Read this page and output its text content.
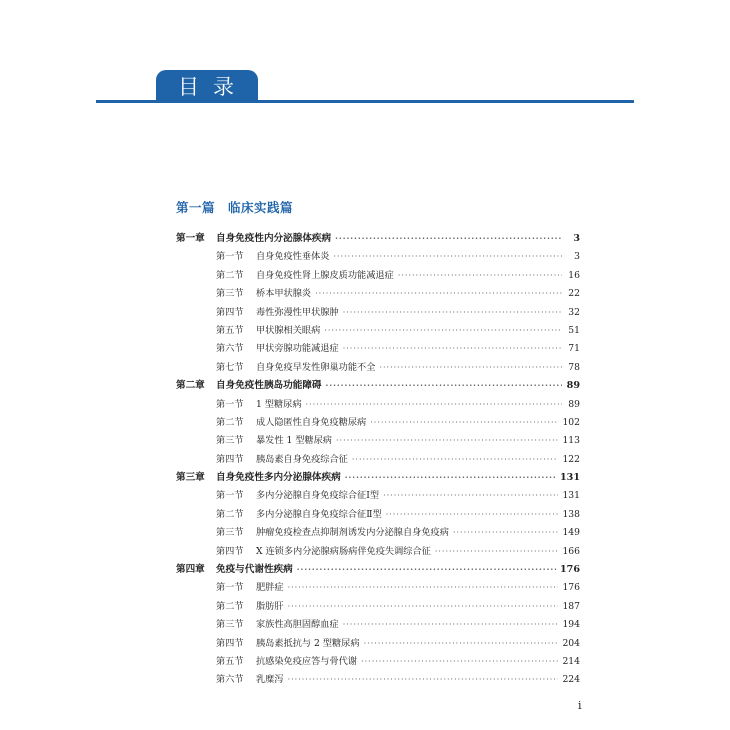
目录
第一篇　临床实践篇
第一章	自身免疫性内分泌腺体疾病 ·····	3
第一节	自身免疫性垂体炎 ·····	3
第二节	自身免疫性肾上腺皮质功能减退症 ·····	16
第三节	桥本甲状腺炎 ·····	22
第四节	毒性弥漫性甲状腺肿 ·····	32
第五节	甲状腺相关眼病 ·····	51
第六节	甲状旁腺功能减退症 ·····	71
第七节	自身免疫早发性卵巢功能不全 ·····	78
第二章	自身免疫性胰岛功能障碍 ·····	89
第一节	1 型糖尿病 ·····	89
第二节	成人隐匿性自身免疫糖尿病 ·····	102
第三节	暴发性 1 型糖尿病 ·····	113
第四节	胰岛素自身免疫综合征 ·····	122
第三章	自身免疫性多内分泌腺体疾病 ·····	131
第一节	多内分泌腺自身免疫综合征Ⅰ型 ·····	131
第二节	多内分泌腺自身免疫综合征Ⅱ型 ·····	138
第三节	肿瘤免疫检查点抑制剂诱发内分泌腺自身免疫病 ·····	149
第四节	X 连锁多内分泌腺病肠病伴免疫失调综合征 ·····	166
第四章	免疫与代谢性疾病 ·····	176
第一节	肥胖症 ·····	176
第二节	脂肪肝 ·····	187
第三节	家族性高胆固醇血症 ·····	194
第四节	胰岛素抵抗与 2 型糖尿病 ·····	204
第五节	抗感染免疫应答与骨代谢 ·····	214
第六节	乳糜泻 ·····	224
i
